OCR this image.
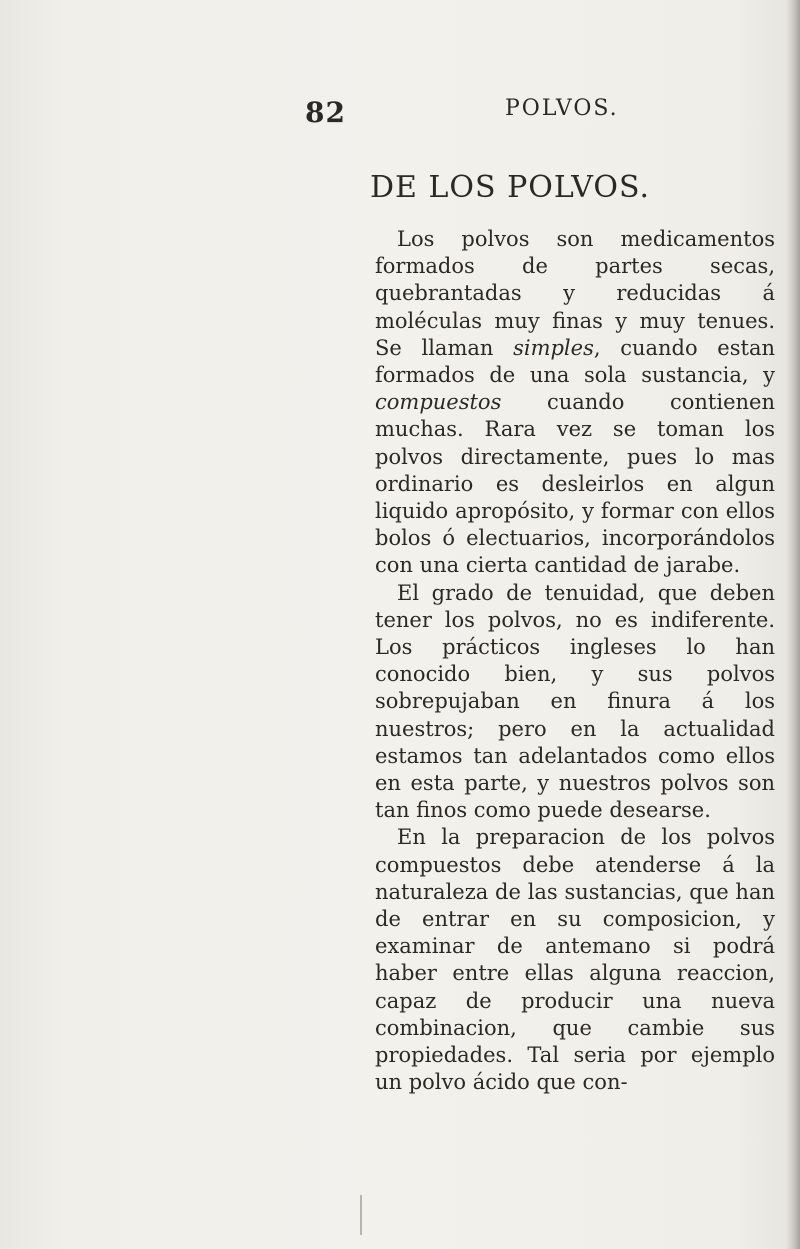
82	POLVOS.
DE LOS POLVOS.

Los polvos son medicamentos formados de partes secas, quebrantadas y reducidas á moléculas muy finas y muy tenues. Se llaman simples, cuando estan formados de una sola sustancia, y compuestos cuando contienen muchas. Rara vez se toman los polvos directamente, pues lo mas ordinario es desleirlos en algun liquido apropósito, y formar con ellos bolos ó electuarios, incorporándolos con una cierta cantidad de jarabe.

El grado de tenuidad, que deben tener los polvos, no es indiferente. Los prácticos ingleses lo han conocido bien, y sus polvos sobrepujaban en finura á los nuestros; pero en la actualidad estamos tan adelantados como ellos en esta parte, y nuestros polvos son tan finos como puede desearse.

En la preparacion de los polvos compuestos debe atenderse á la naturaleza de las sustancias, que han de entrar en su composicion, y examinar de antemano si podrá haber entre ellas alguna reaccion, capaz de producir una nueva combinacion, que cambie sus propiedades. Tal seria por ejemplo un polvo ácido que con-
